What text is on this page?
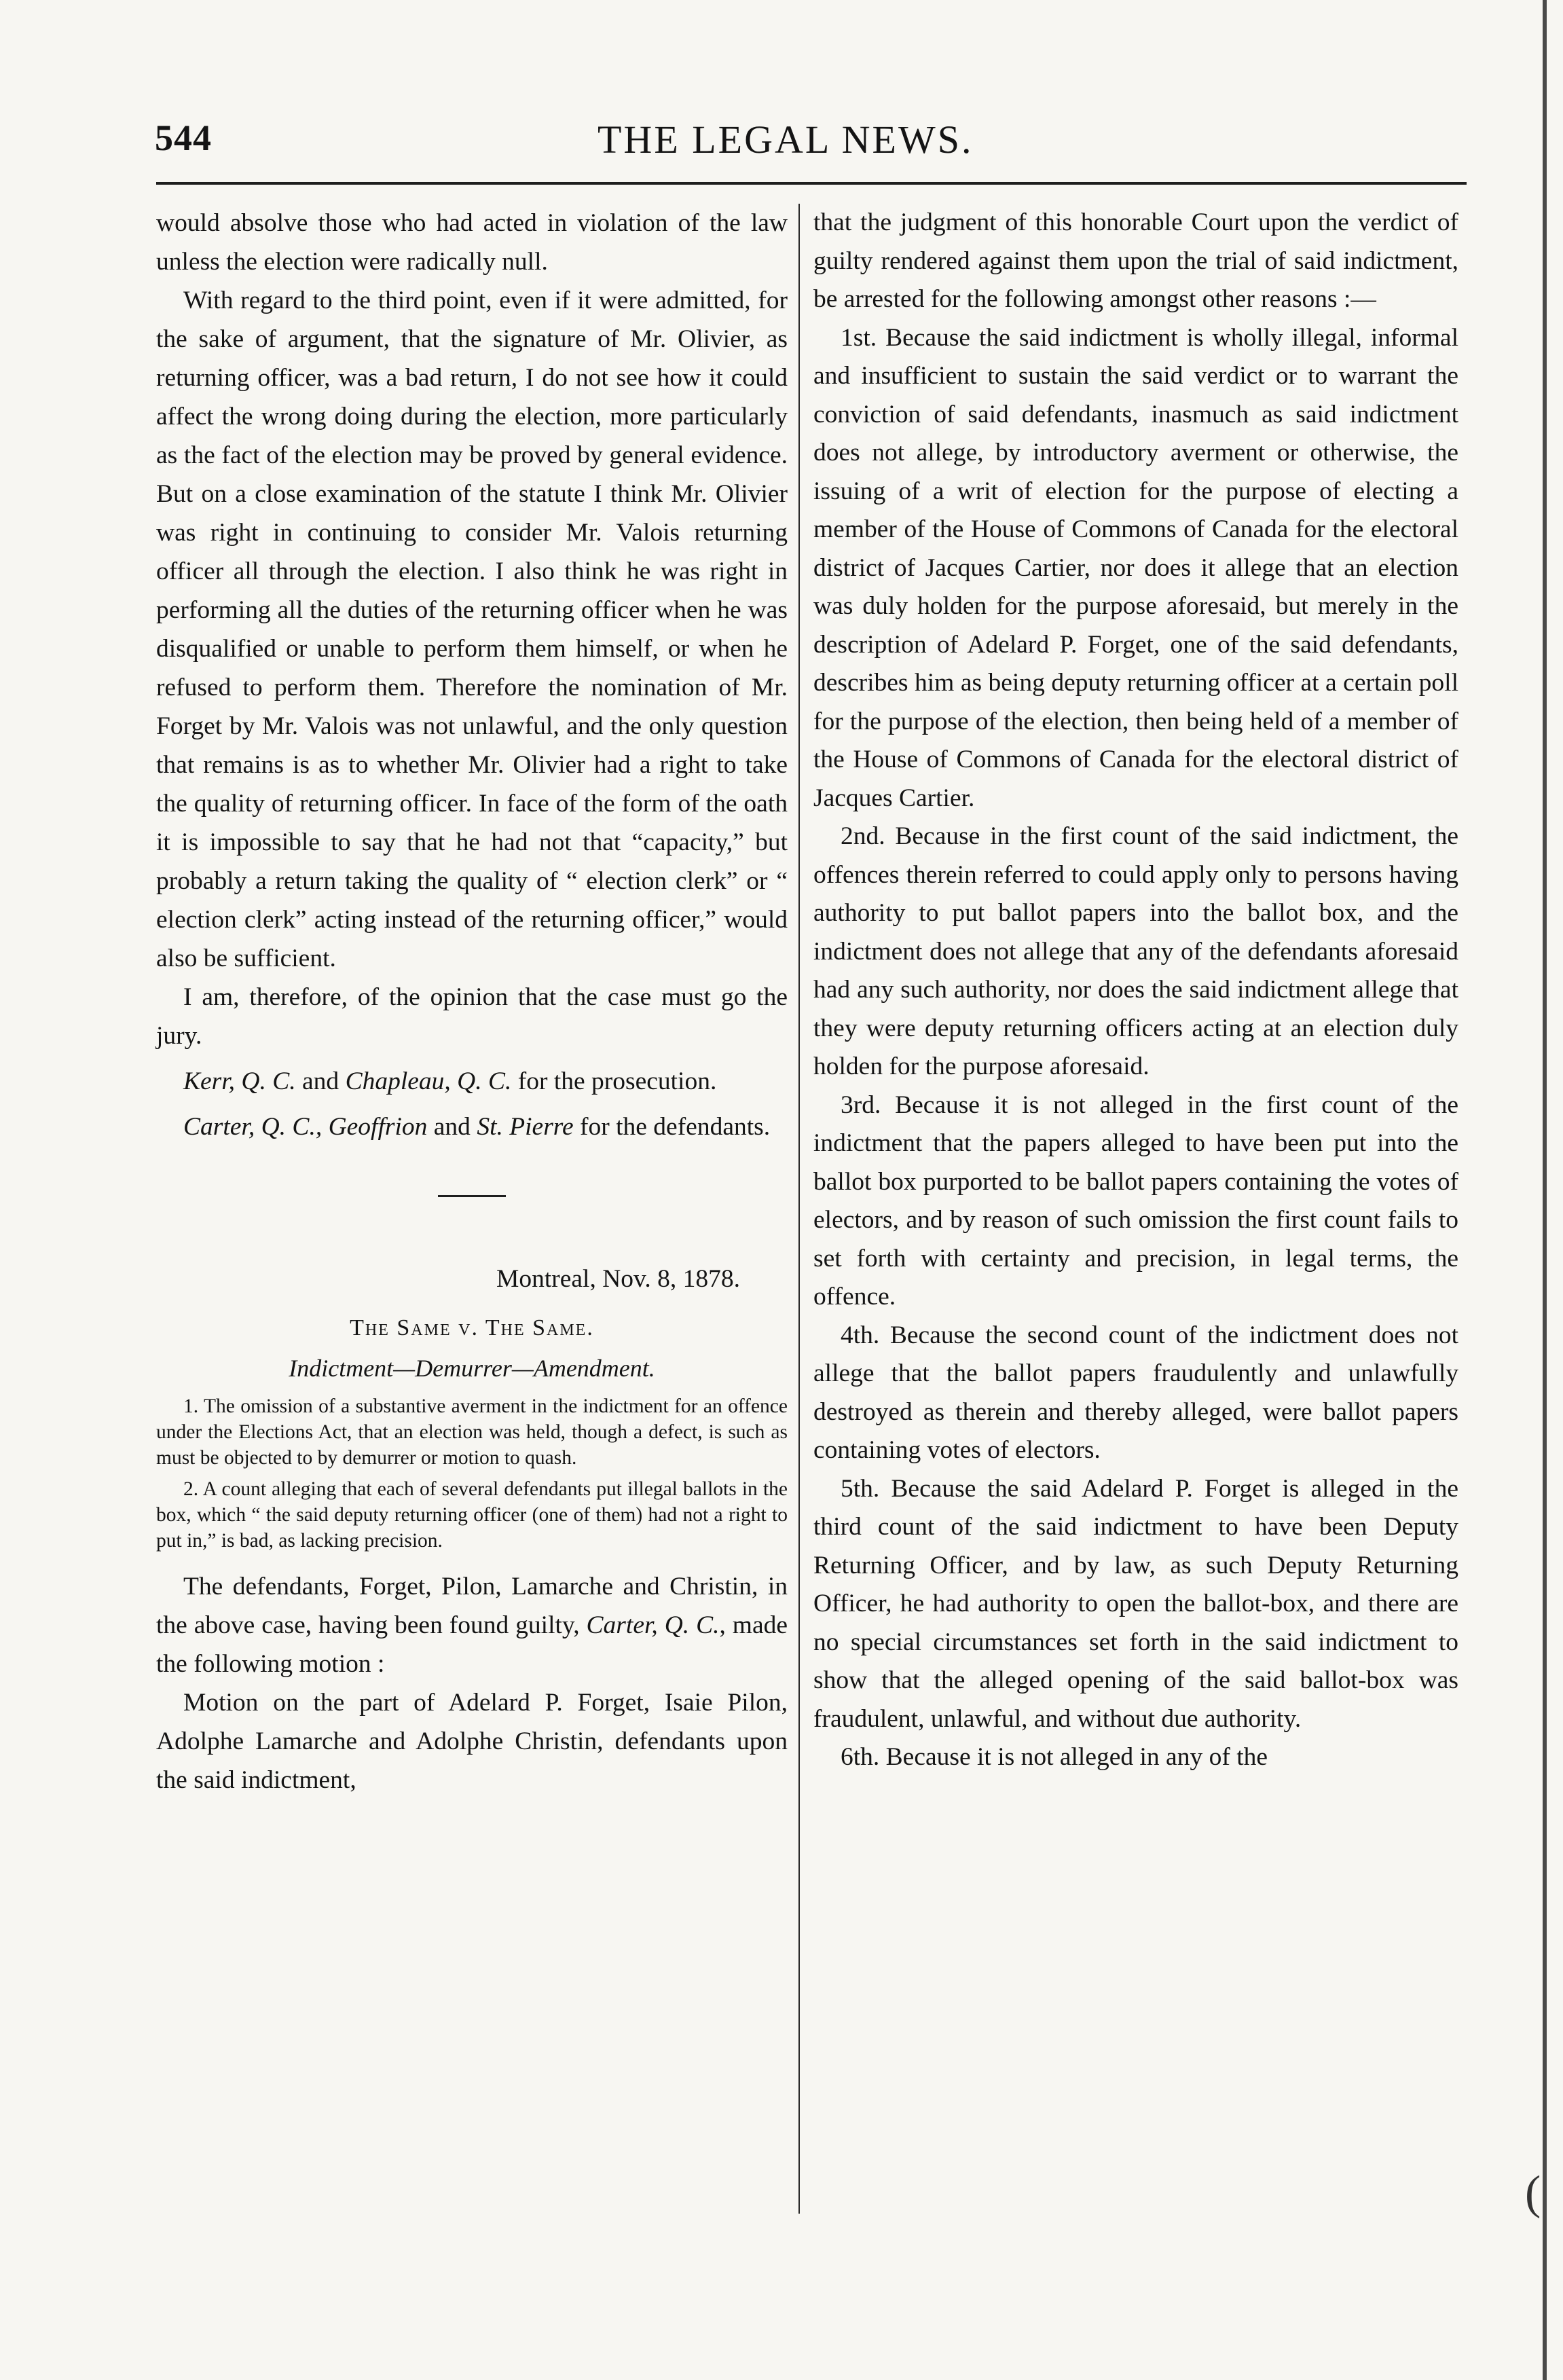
544	THE LEGAL NEWS.

would absolve those who had acted in violation of the law unless the election were radically null.

With regard to the third point, even if it were admitted, for the sake of argument, that the signature of Mr. Olivier, as returning officer, was a bad return, I do not see how it could affect the wrong doing during the election, more particularly as the fact of the election may be proved by general evidence. But on a close examination of the statute I think Mr. Olivier was right in continuing to consider Mr. Valois returning officer all through the election. I also think he was right in performing all the duties of the returning officer when he was disqualified or unable to perform them himself, or when he refused to perform them. Therefore the nomination of Mr. Forget by Mr. Valois was not unlawful, and the only question that remains is as to whether Mr. Olivier had a right to take the quality of returning officer. In face of the form of the oath it is impossible to say that he had not that “capacity,” but probably a return taking the quality of “ election clerk” or “ election clerk” acting instead of the returning officer,” would also be sufficient.

I am, therefore, of the opinion that the case must go the jury.

Kerr, Q. C. and Chapleau, Q. C. for the prosecution.

Carter, Q. C., Geoffrion and St. Pierre for the defendants.

Montreal, Nov. 8, 1878.

The Same v. The Same.

Indictment—Demurrer—Amendment.

1. The omission of a substantive averment in the indictment for an offence under the Elections Act, that an election was held, though a defect, is such as must be objected to by demurrer or motion to quash.

2. A count alleging that each of several defendants put illegal ballots in the box, which “ the said deputy returning officer (one of them) had not a right to put in,” is bad, as lacking precision.

The defendants, Forget, Pilon, Lamarche and Christin, in the above case, having been found guilty, Carter, Q. C., made the following motion :

Motion on the part of Adelard P. Forget, Isaie Pilon, Adolphe Lamarche and Adolphe Christin, defendants upon the said indictment,

that the judgment of this honorable Court upon the verdict of guilty rendered against them upon the trial of said indictment, be arrested for the following amongst other reasons :—

1st. Because the said indictment is wholly illegal, informal and insufficient to sustain the said verdict or to warrant the conviction of said defendants, inasmuch as said indictment does not allege, by introductory averment or otherwise, the issuing of a writ of election for the purpose of electing a member of the House of Commons of Canada for the electoral district of Jacques Cartier, nor does it allege that an election was duly holden for the purpose aforesaid, but merely in the description of Adelard P. Forget, one of the said defendants, describes him as being deputy returning officer at a certain poll for the purpose of the election, then being held of a member of the House of Commons of Canada for the electoral district of Jacques Cartier.

2nd. Because in the first count of the said indictment, the offences therein referred to could apply only to persons having authority to put ballot papers into the ballot box, and the indictment does not allege that any of the defendants aforesaid had any such authority, nor does the said indictment allege that they were deputy returning officers acting at an election duly holden for the purpose aforesaid.

3rd. Because it is not alleged in the first count of the indictment that the papers alleged to have been put into the ballot box purported to be ballot papers containing the votes of electors, and by reason of such omission the first count fails to set forth with certainty and precision, in legal terms, the offence.

4th. Because the second count of the indictment does not allege that the ballot papers fraudulently and unlawfully destroyed as therein and thereby alleged, were ballot papers containing votes of electors.

5th. Because the said Adelard P. Forget is alleged in the third count of the said indictment to have been Deputy Returning Officer, and by law, as such Deputy Returning Officer, he had authority to open the ballot-box, and there are no special circumstances set forth in the said indictment to show that the alleged opening of the said ballot-box was fraudulent, unlawful, and without due authority.

6th. Because it is not alleged in any of the

(
